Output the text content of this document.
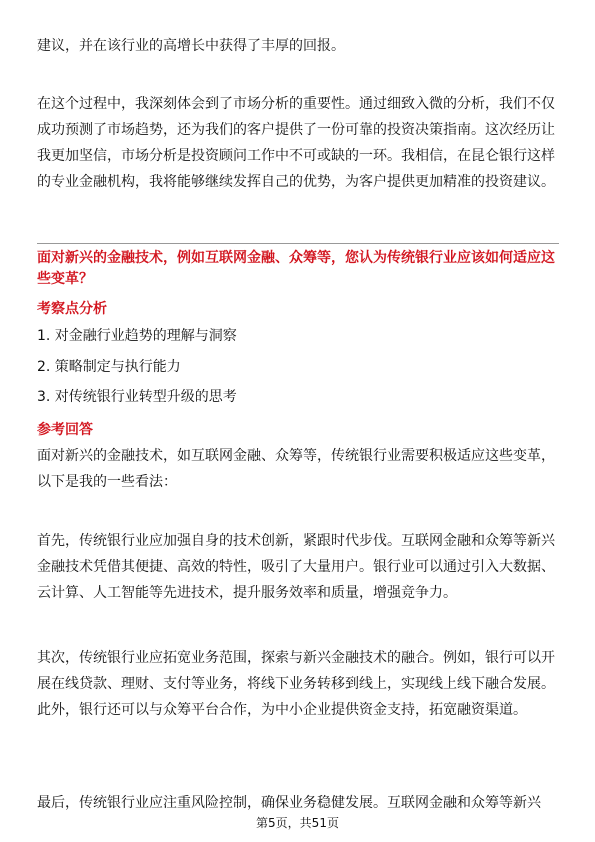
建议，并在该行业的高增长中获得了丰厚的回报。

在这个过程中，我深刻体会到了市场分析的重要性。通过细致入微的分析，我们不仅成功预测了市场趋势，还为我们的客户提供了一份可靠的投资决策指南。这次经历让我更加坚信，市场分析是投资顾问工作中不可或缺的一环。我相信，在昆仑银行这样的专业金融机构，我将能够继续发挥自己的优势，为客户提供更加精准的投资建议。

面对新兴的金融技术，例如互联网金融、众筹等，您认为传统银行业应该如何适应这些变革？
考察点分析
1. 对金融行业趋势的理解与洞察
2. 策略制定与执行能力
3. 对传统银行业转型升级的思考
参考回答

面对新兴的金融技术，如互联网金融、众筹等，传统银行业需要积极适应这些变革，以下是我的一些看法：

首先，传统银行业应加强自身的技术创新，紧跟时代步伐。互联网金融和众筹等新兴金融技术凭借其便捷、高效的特性，吸引了大量用户。银行业可以通过引入大数据、云计算、人工智能等先进技术，提升服务效率和质量，增强竞争力。

其次，传统银行业应拓宽业务范围，探索与新兴金融技术的融合。例如，银行可以开展在线贷款、理财、支付等业务，将线下业务转移到线上，实现线上线下融合发展。此外，银行还可以与众筹平台合作，为中小企业提供资金支持，拓宽融资渠道。

最后，传统银行业应注重风险控制，确保业务稳健发展。互联网金融和众筹等新兴

第5页，共51页
